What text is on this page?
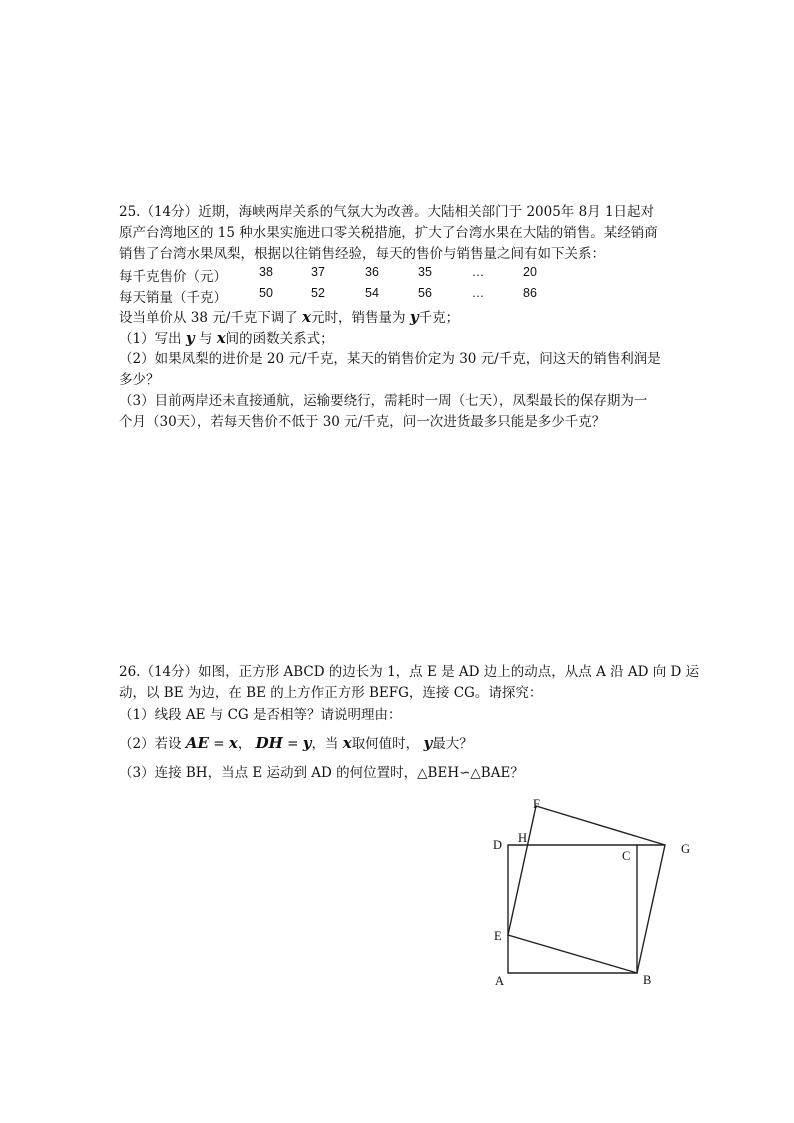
25.（14分）近期，海峡两岸关系的气氛大为改善。大陆相关部门于 2005年 8月 1日起对
原产台湾地区的 15 种水果实施进口零关税措施，扩大了台湾水果在大陆的销售。某经销商
销售了台湾水果凤梨，根据以往销售经验，每天的售价与销售量之间有如下关系：
每千克售价（元）	38	37	36	35	…	20
每天销量（千克）	50	52	54	56	…	86
设当单价从 38 元/千克下调了 x元时，销售量为 y千克；
（1）写出 y 与 x间的函数关系式；
（2）如果凤梨的进价是 20 元/千克，某天的销售价定为 30 元/千克，问这天的销售利润是
多少？
（3）目前两岸还未直接通航，运输要绕行，需耗时一周（七天），凤梨最长的保存期为一
个月（30天），若每天售价不低于 30 元/千克，问一次进货最多只能是多少千克？
26.（14分）如图，正方形 ABCD 的边长为 1，点 E 是 AD 边上的动点，从点 A 沿 AD 向 D 运
动，以 BE 为边，在 BE 的上方作正方形 BEFG，连接 CG。请探究：
（1）线段 AE 与 CG 是否相等？请说明理由：
（2）若设 AE = x， DH = y，当 x取何值时， y最大？
（3）连接 BH，当点 E 运动到 AD 的何位置时，△BEH∽△BAE？
A	B
C
D
E
F
G
H
